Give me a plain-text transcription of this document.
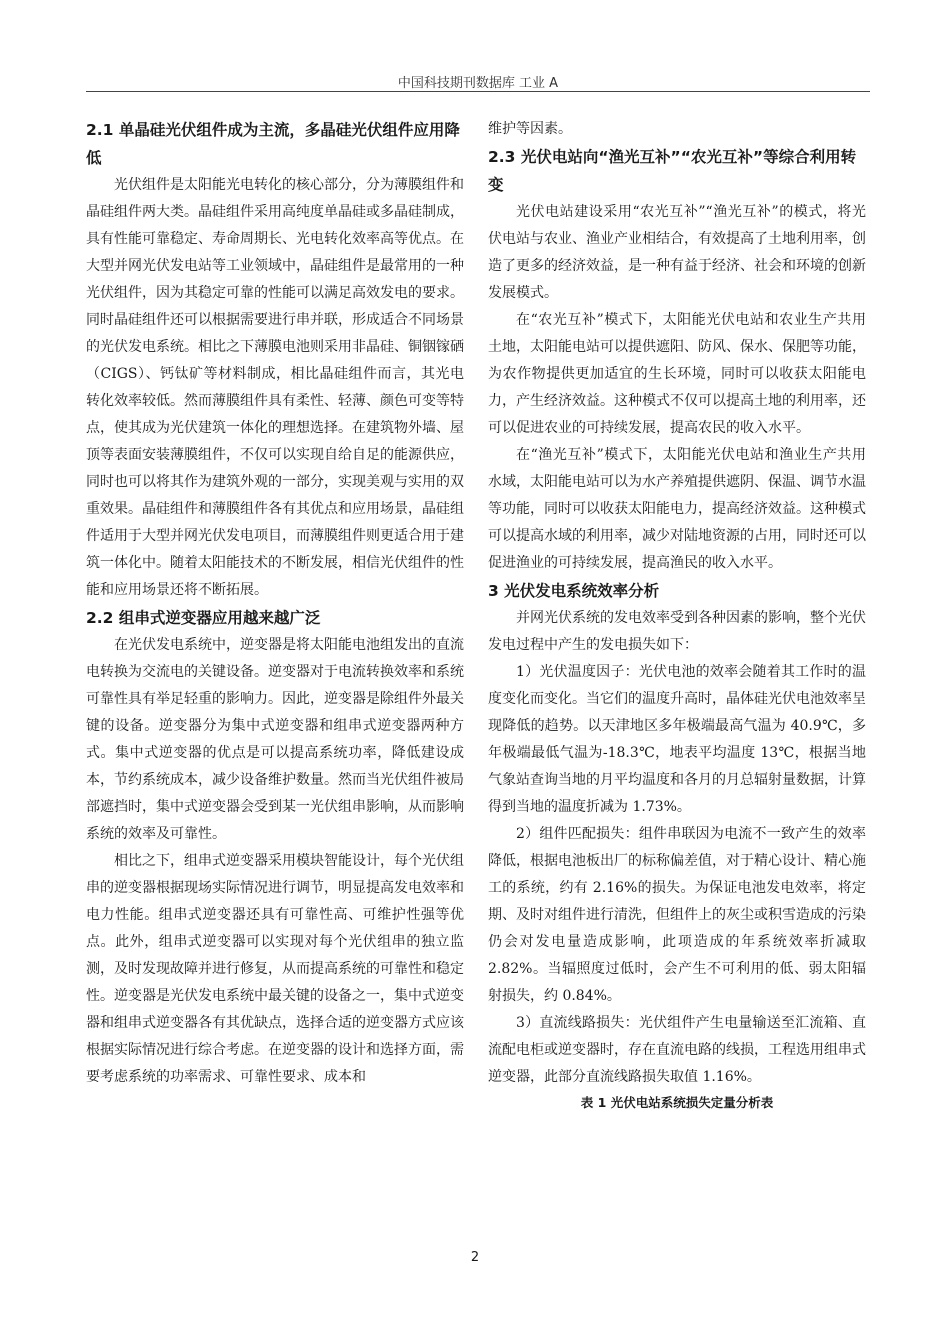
中国科技期刊数据库 工业 A
2.1 单晶硅光伏组件成为主流，多晶硅光伏组件应用降低

光伏组件是太阳能光电转化的核心部分，分为薄膜组件和晶硅组件两大类。晶硅组件采用高纯度单晶硅或多晶硅制成，具有性能可靠稳定、寿命周期长、光电转化效率高等优点。在大型并网光伏发电站等工业领域中，晶硅组件是最常用的一种光伏组件，因为其稳定可靠的性能可以满足高效发电的要求。同时晶硅组件还可以根据需要进行串并联，形成适合不同场景的光伏发电系统。相比之下薄膜电池则采用非晶硅、铜铟镓硒（CIGS）、钙钛矿等材料制成，相比晶硅组件而言，其光电转化效率较低。然而薄膜组件具有柔性、轻薄、颜色可变等特点，使其成为光伏建筑一体化的理想选择。在建筑物外墙、屋顶等表面安装薄膜组件，不仅可以实现自给自足的能源供应，同时也可以将其作为建筑外观的一部分，实现美观与实用的双重效果。晶硅组件和薄膜组件各有其优点和应用场景，晶硅组件适用于大型并网光伏发电项目，而薄膜组件则更适合用于建筑一体化中。随着太阳能技术的不断发展，相信光伏组件的性能和应用场景还将不断拓展。

2.2 组串式逆变器应用越来越广泛

在光伏发电系统中，逆变器是将太阳能电池组发出的直流电转换为交流电的关键设备。逆变器对于电流转换效率和系统可靠性具有举足轻重的影响力。因此，逆变器是除组件外最关键的设备。逆变器分为集中式逆变器和组串式逆变器两种方式。集中式逆变器的优点是可以提高系统功率，降低建设成本，节约系统成本，减少设备维护数量。然而当光伏组件被局部遮挡时，集中式逆变器会受到某一光伏组串影响，从而影响系统的效率及可靠性。

相比之下，组串式逆变器采用模块智能设计，每个光伏组串的逆变器根据现场实际情况进行调节，明显提高发电效率和电力性能。组串式逆变器还具有可靠性高、可维护性强等优点。此外，组串式逆变器可以实现对每个光伏组串的独立监测，及时发现故障并进行修复，从而提高系统的可靠性和稳定性。逆变器是光伏发电系统中最关键的设备之一，集中式逆变器和组串式逆变器各有其优缺点，选择合适的逆变器方式应该根据实际情况进行综合考虑。在逆变器的设计和选择方面，需要考虑系统的功率需求、可靠性要求、成本和

维护等因素。

2.3 光伏电站向“渔光互补”“农光互补”等综合利用转变

光伏电站建设采用“农光互补”“渔光互补”的模式，将光伏电站与农业、渔业产业相结合，有效提高了土地利用率，创造了更多的经济效益，是一种有益于经济、社会和环境的创新发展模式。

在“农光互补”模式下，太阳能光伏电站和农业生产共用土地，太阳能电站可以提供遮阳、防风、保水、保肥等功能，为农作物提供更加适宜的生长环境，同时可以收获太阳能电力，产生经济效益。这种模式不仅可以提高土地的利用率，还可以促进农业的可持续发展，提高农民的收入水平。

在“渔光互补”模式下，太阳能光伏电站和渔业生产共用水域，太阳能电站可以为水产养殖提供遮阴、保温、调节水温等功能，同时可以收获太阳能电力，提高经济效益。这种模式可以提高水域的利用率，减少对陆地资源的占用，同时还可以促进渔业的可持续发展，提高渔民的收入水平。

3 光伏发电系统效率分析

并网光伏系统的发电效率受到各种因素的影响，整个光伏发电过程中产生的发电损失如下：

1）光伏温度因子：光伏电池的效率会随着其工作时的温度变化而变化。当它们的温度升高时，晶体硅光伏电池效率呈现降低的趋势。以天津地区多年极端最高气温为 40.9℃，多年极端最低气温为-18.3℃，地表平均温度 13℃，根据当地气象站查询当地的月平均温度和各月的月总辐射量数据，计算得到当地的温度折减为 1.73%。

2）组件匹配损失：组件串联因为电流不一致产生的效率降低，根据电池板出厂的标称偏差值，对于精心设计、精心施工的系统，约有 2.16%的损失。为保证电池发电效率，将定期、及时对组件进行清洗，但组件上的灰尘或积雪造成的污染仍会对发电量造成影响，此项造成的年系统效率折减取 2.82%。当辐照度过低时，会产生不可利用的低、弱太阳辐射损失，约 0.84%。

3）直流线路损失：光伏组件产生电量输送至汇流箱、直流配电柜或逆变器时，存在直流电路的线损，工程选用组串式逆变器，此部分直流线路损失取值 1.16%。

表 1 光伏电站系统损失定量分析表
2
